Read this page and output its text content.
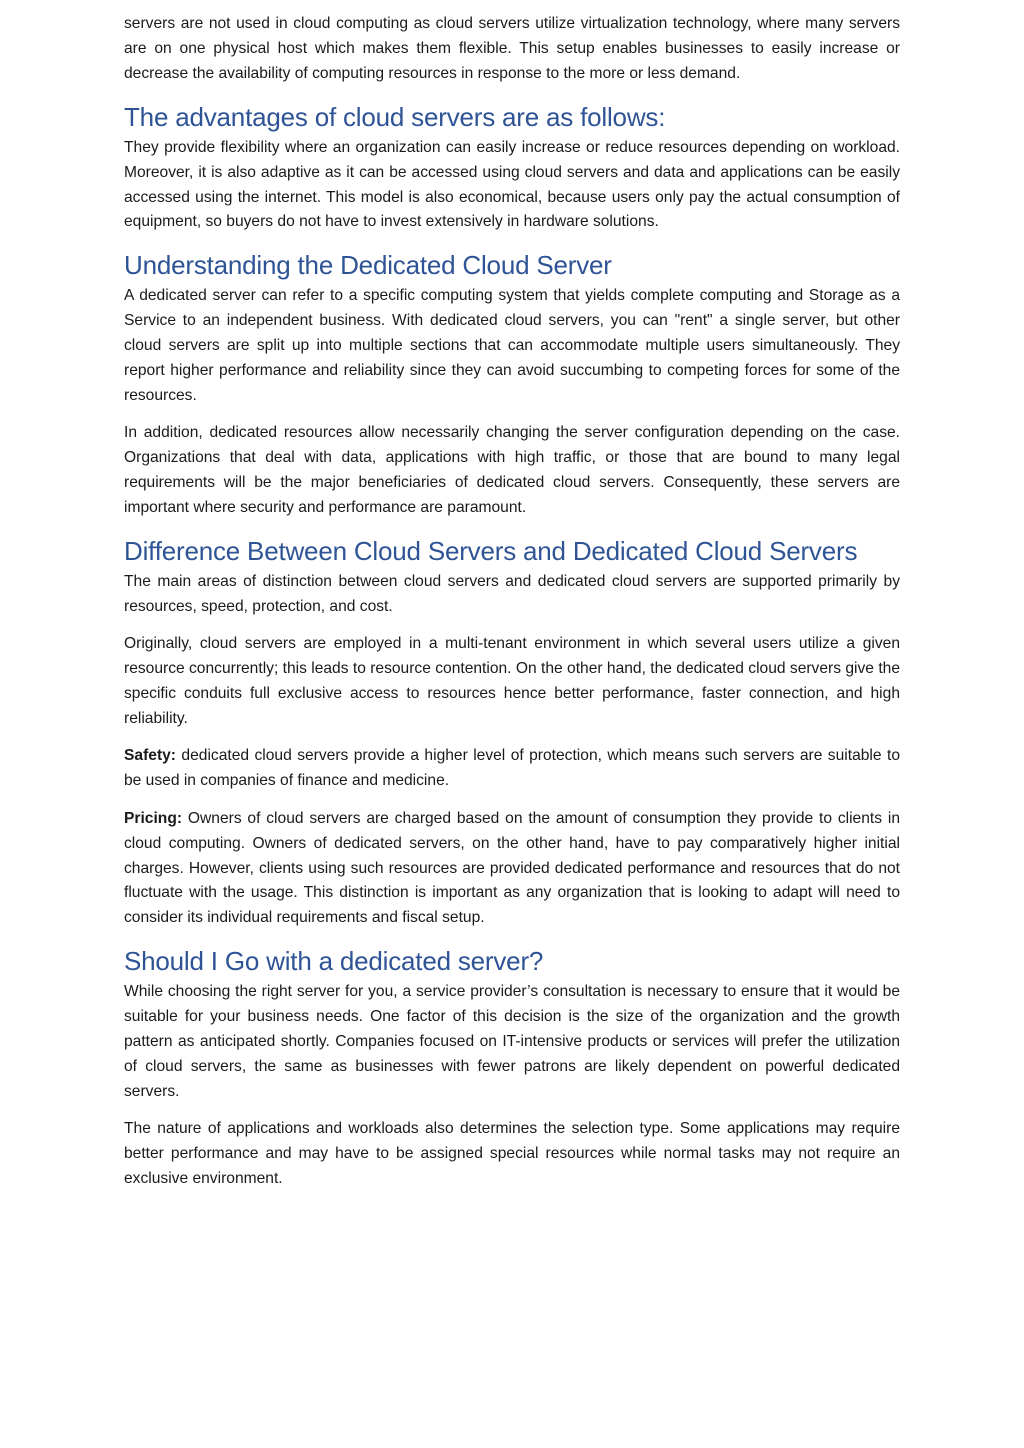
servers are not used in cloud computing as cloud servers utilize virtualization technology, where many servers are on one physical host which makes them flexible. This setup enables businesses to easily increase or decrease the availability of computing resources in response to the more or less demand.

The advantages of cloud servers are as follows:

They provide flexibility where an organization can easily increase or reduce resources depending on workload. Moreover, it is also adaptive as it can be accessed using cloud servers and data and applications can be easily accessed using the internet. This model is also economical, because users only pay the actual consumption of equipment, so buyers do not have to invest extensively in hardware solutions.

Understanding the Dedicated Cloud Server

A dedicated server can refer to a specific computing system that yields complete computing and Storage as a Service to an independent business. With dedicated cloud servers, you can "rent" a single server, but other cloud servers are split up into multiple sections that can accommodate multiple users simultaneously. They report higher performance and reliability since they can avoid succumbing to competing forces for some of the resources.

In addition, dedicated resources allow necessarily changing the server configuration depending on the case. Organizations that deal with data, applications with high traffic, or those that are bound to many legal requirements will be the major beneficiaries of dedicated cloud servers. Consequently, these servers are important where security and performance are paramount.

Difference Between Cloud Servers and Dedicated Cloud Servers

The main areas of distinction between cloud servers and dedicated cloud servers are supported primarily by resources, speed, protection, and cost.

Originally, cloud servers are employed in a multi-tenant environment in which several users utilize a given resource concurrently; this leads to resource contention. On the other hand, the dedicated cloud servers give the specific conduits full exclusive access to resources hence better performance, faster connection, and high reliability.

Safety: dedicated cloud servers provide a higher level of protection, which means such servers are suitable to be used in companies of finance and medicine.

Pricing: Owners of cloud servers are charged based on the amount of consumption they provide to clients in cloud computing. Owners of dedicated servers, on the other hand, have to pay comparatively higher initial charges. However, clients using such resources are provided dedicated performance and resources that do not fluctuate with the usage. This distinction is important as any organization that is looking to adapt will need to consider its individual requirements and fiscal setup.

Should I Go with a dedicated server?

While choosing the right server for you, a service provider’s consultation is necessary to ensure that it would be suitable for your business needs. One factor of this decision is the size of the organization and the growth pattern as anticipated shortly. Companies focused on IT-intensive products or services will prefer the utilization of cloud servers, the same as businesses with fewer patrons are likely dependent on powerful dedicated servers.

The nature of applications and workloads also determines the selection type. Some applications may require better performance and may have to be assigned special resources while normal tasks may not require an exclusive environment.
